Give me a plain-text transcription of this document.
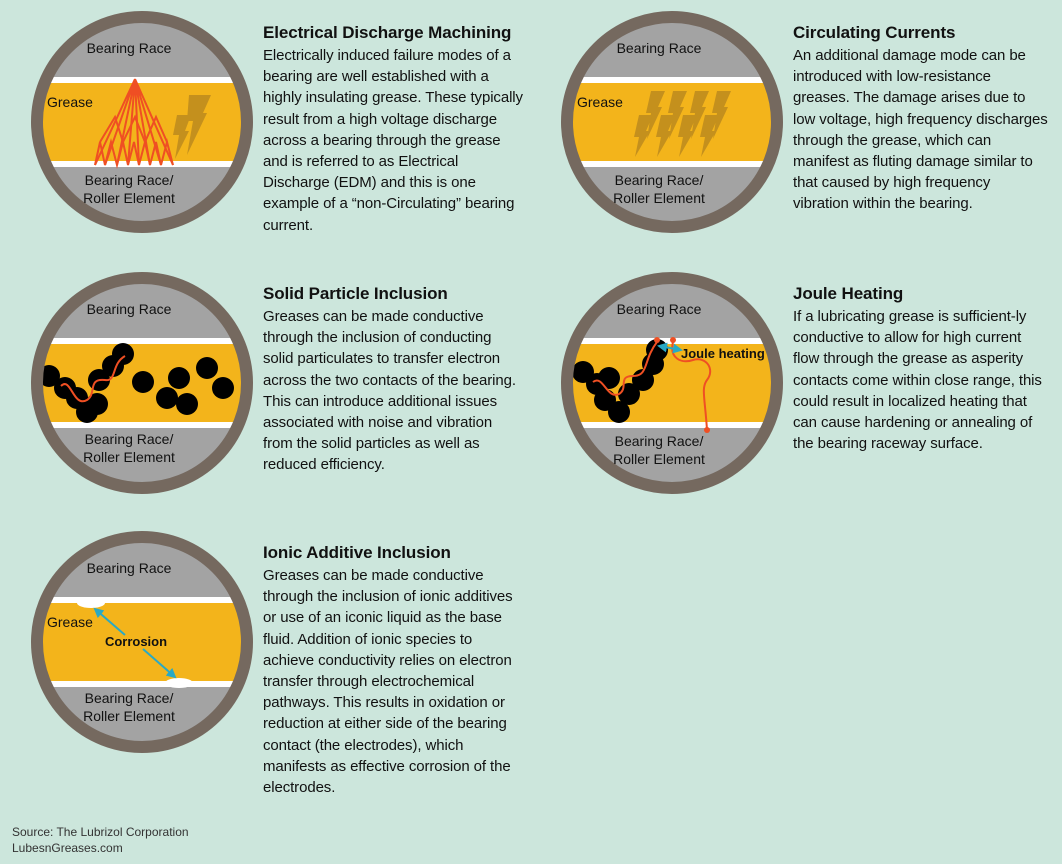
Bearing Race
Grease
Bearing Race/
Roller Element
Electrical Discharge Machining

Electrically induced failure modes of a bearing are well established with a highly insulating grease. These typically result from a high voltage discharge across a bearing through the grease and is referred to as Electrical Discharge (EDM) and this is one example of a “non-Circulating” bearing current.

Bearing Race
Grease
Bearing Race/
Roller Element
Circulating Currents

An additional damage mode can be introduced with low-resistance greases. The damage arises due to low voltage, high frequency discharges through the grease, which can manifest as fluting damage similar to that caused by high frequency vibration within the bearing.

Bearing Race
Bearing Race/
Roller Element
Solid Particle Inclusion

Greases can be made conductive through the inclusion of conducting solid particulates to transfer electron across the two contacts of the bearing. This can introduce additional issues associated with noise and vibration from the solid particles as well as reduced efficiency.

Bearing Race
Joule heating
Bearing Race/
Roller Element
Joule Heating

If a lubricating grease is sufficient-ly conductive to allow for high current flow through the grease as asperity contacts come within close range, this could result in localized heating that can cause hardening or annealing of the bearing raceway surface.

Bearing Race
Grease
Corrosion
Bearing Race/
Roller Element
Ionic Additive Inclusion

Greases can be made conductive through the inclusion of ionic additives or use of an iconic liquid as the base fluid. Addition of ionic species to achieve conductivity relies on electron transfer through electrochemical pathways. This results in oxidation or reduction at either side of the bearing contact (the electrodes), which manifests as effective corrosion of the electrodes.

Source: The Lubrizol Corporation
LubesnGreases.com
